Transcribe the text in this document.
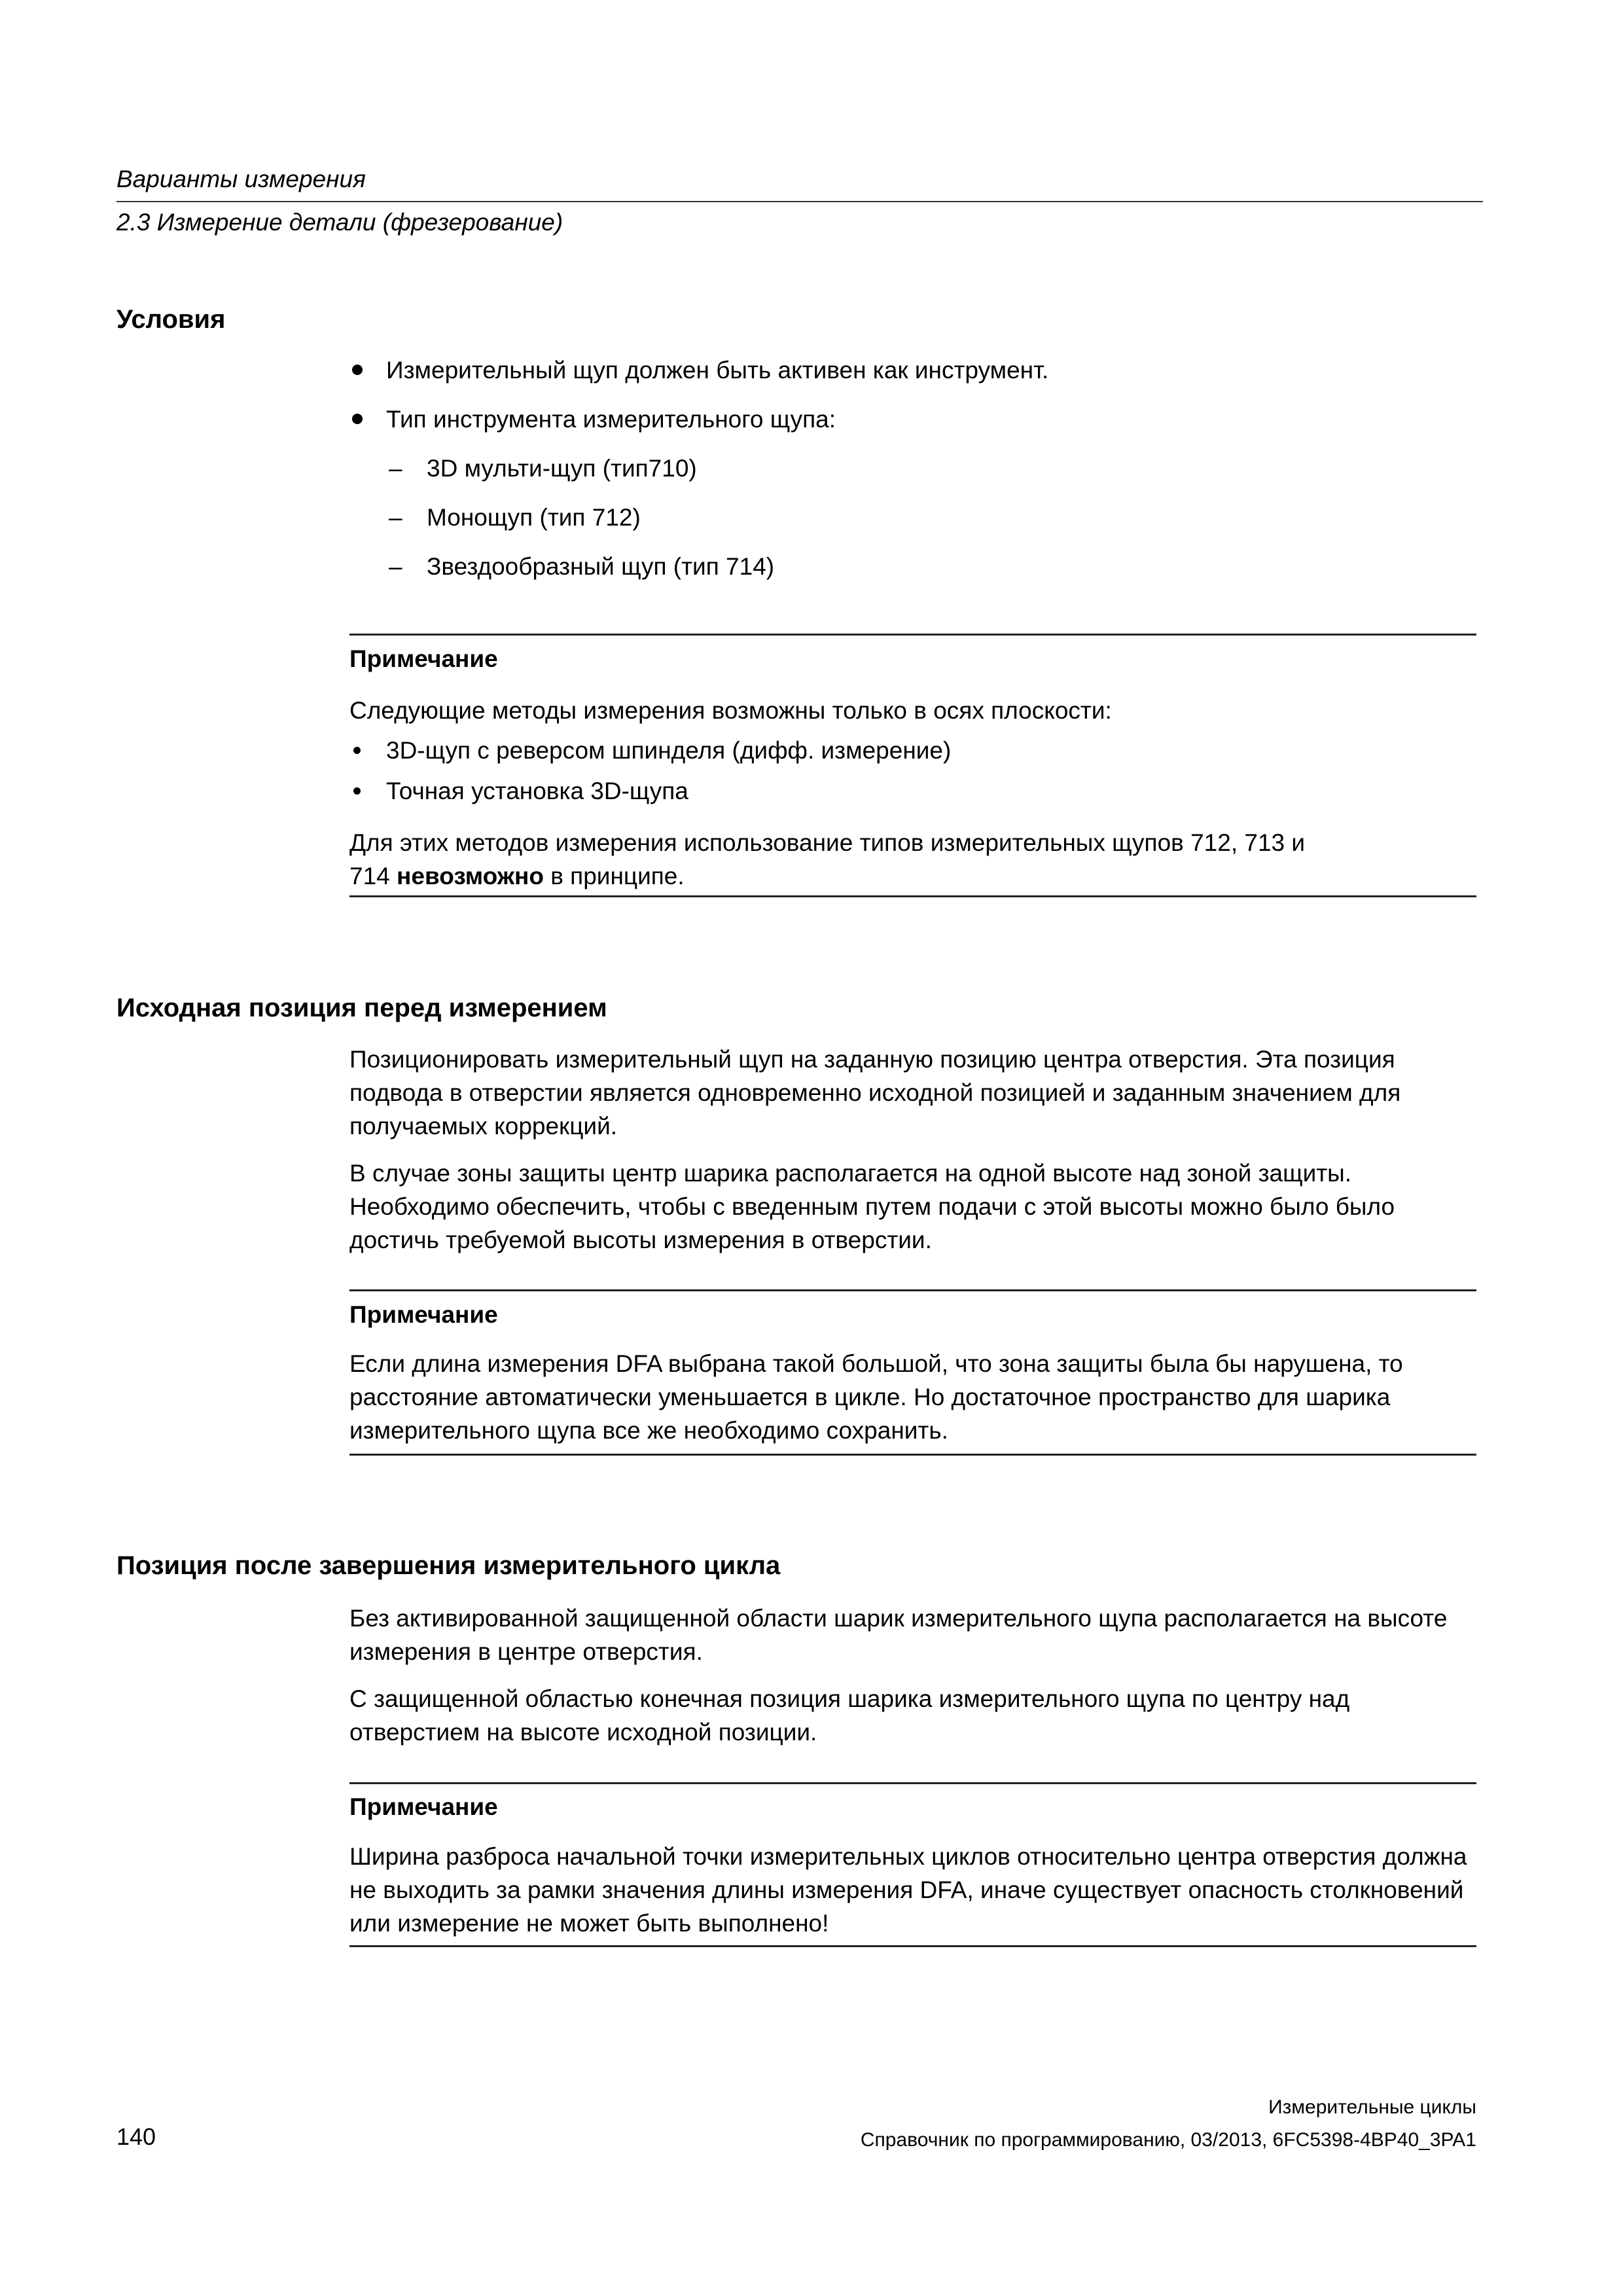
Варианты измерения
2.3 Измерение детали (фрезерование)
Условия
Измерительный щуп должен быть активен как инструмент.
Тип инструмента измерительного щупа:
– 3D мульти-щуп (тип710)
– Монощуп (тип 712)
– Звездообразный щуп (тип 714)
Примечание
Следующие методы измерения возможны только в осях плоскости:
3D-щуп с реверсом шпинделя (дифф. измерение)
Точная установка 3D-щупа
Для этих методов измерения использование типов измерительных щупов 712, 713 и
714 невозможно в принципе.
Исходная позиция перед измерением
Позиционировать измерительный щуп на заданную позицию центра отверстия. Эта позиция подвода в отверстии является одновременно исходной позицией и заданным значением для получаемых коррекций.
В случае зоны защиты центр шарика располагается на одной высоте над зоной защиты. Необходимо обеспечить, чтобы с введенным путем подачи с этой высоты можно было было достичь требуемой высоты измерения в отверстии.
Примечание
Если длина измерения DFA выбрана такой большой, что зона защиты была бы нарушена, то расстояние автоматически уменьшается в цикле. Но достаточное пространство для шарика измерительного щупа все же необходимо сохранить.
Позиция после завершения измерительного цикла
Без активированной защищенной области шарик измерительного щупа располагается на высоте измерения в центре отверстия.
С защищенной областью конечная позиция шарика измерительного щупа по центру над отверстием на высоте исходной позиции.
Примечание
Ширина разброса начальной точки измерительных циклов относительно центра отверстия должна не выходить за рамки значения длины измерения DFA, иначе существует опасность столкновений или измерение не может быть выполнено!
Измерительные циклы
140	Справочник по программированию, 03/2013, 6FC5398-4BP40_3PA1
